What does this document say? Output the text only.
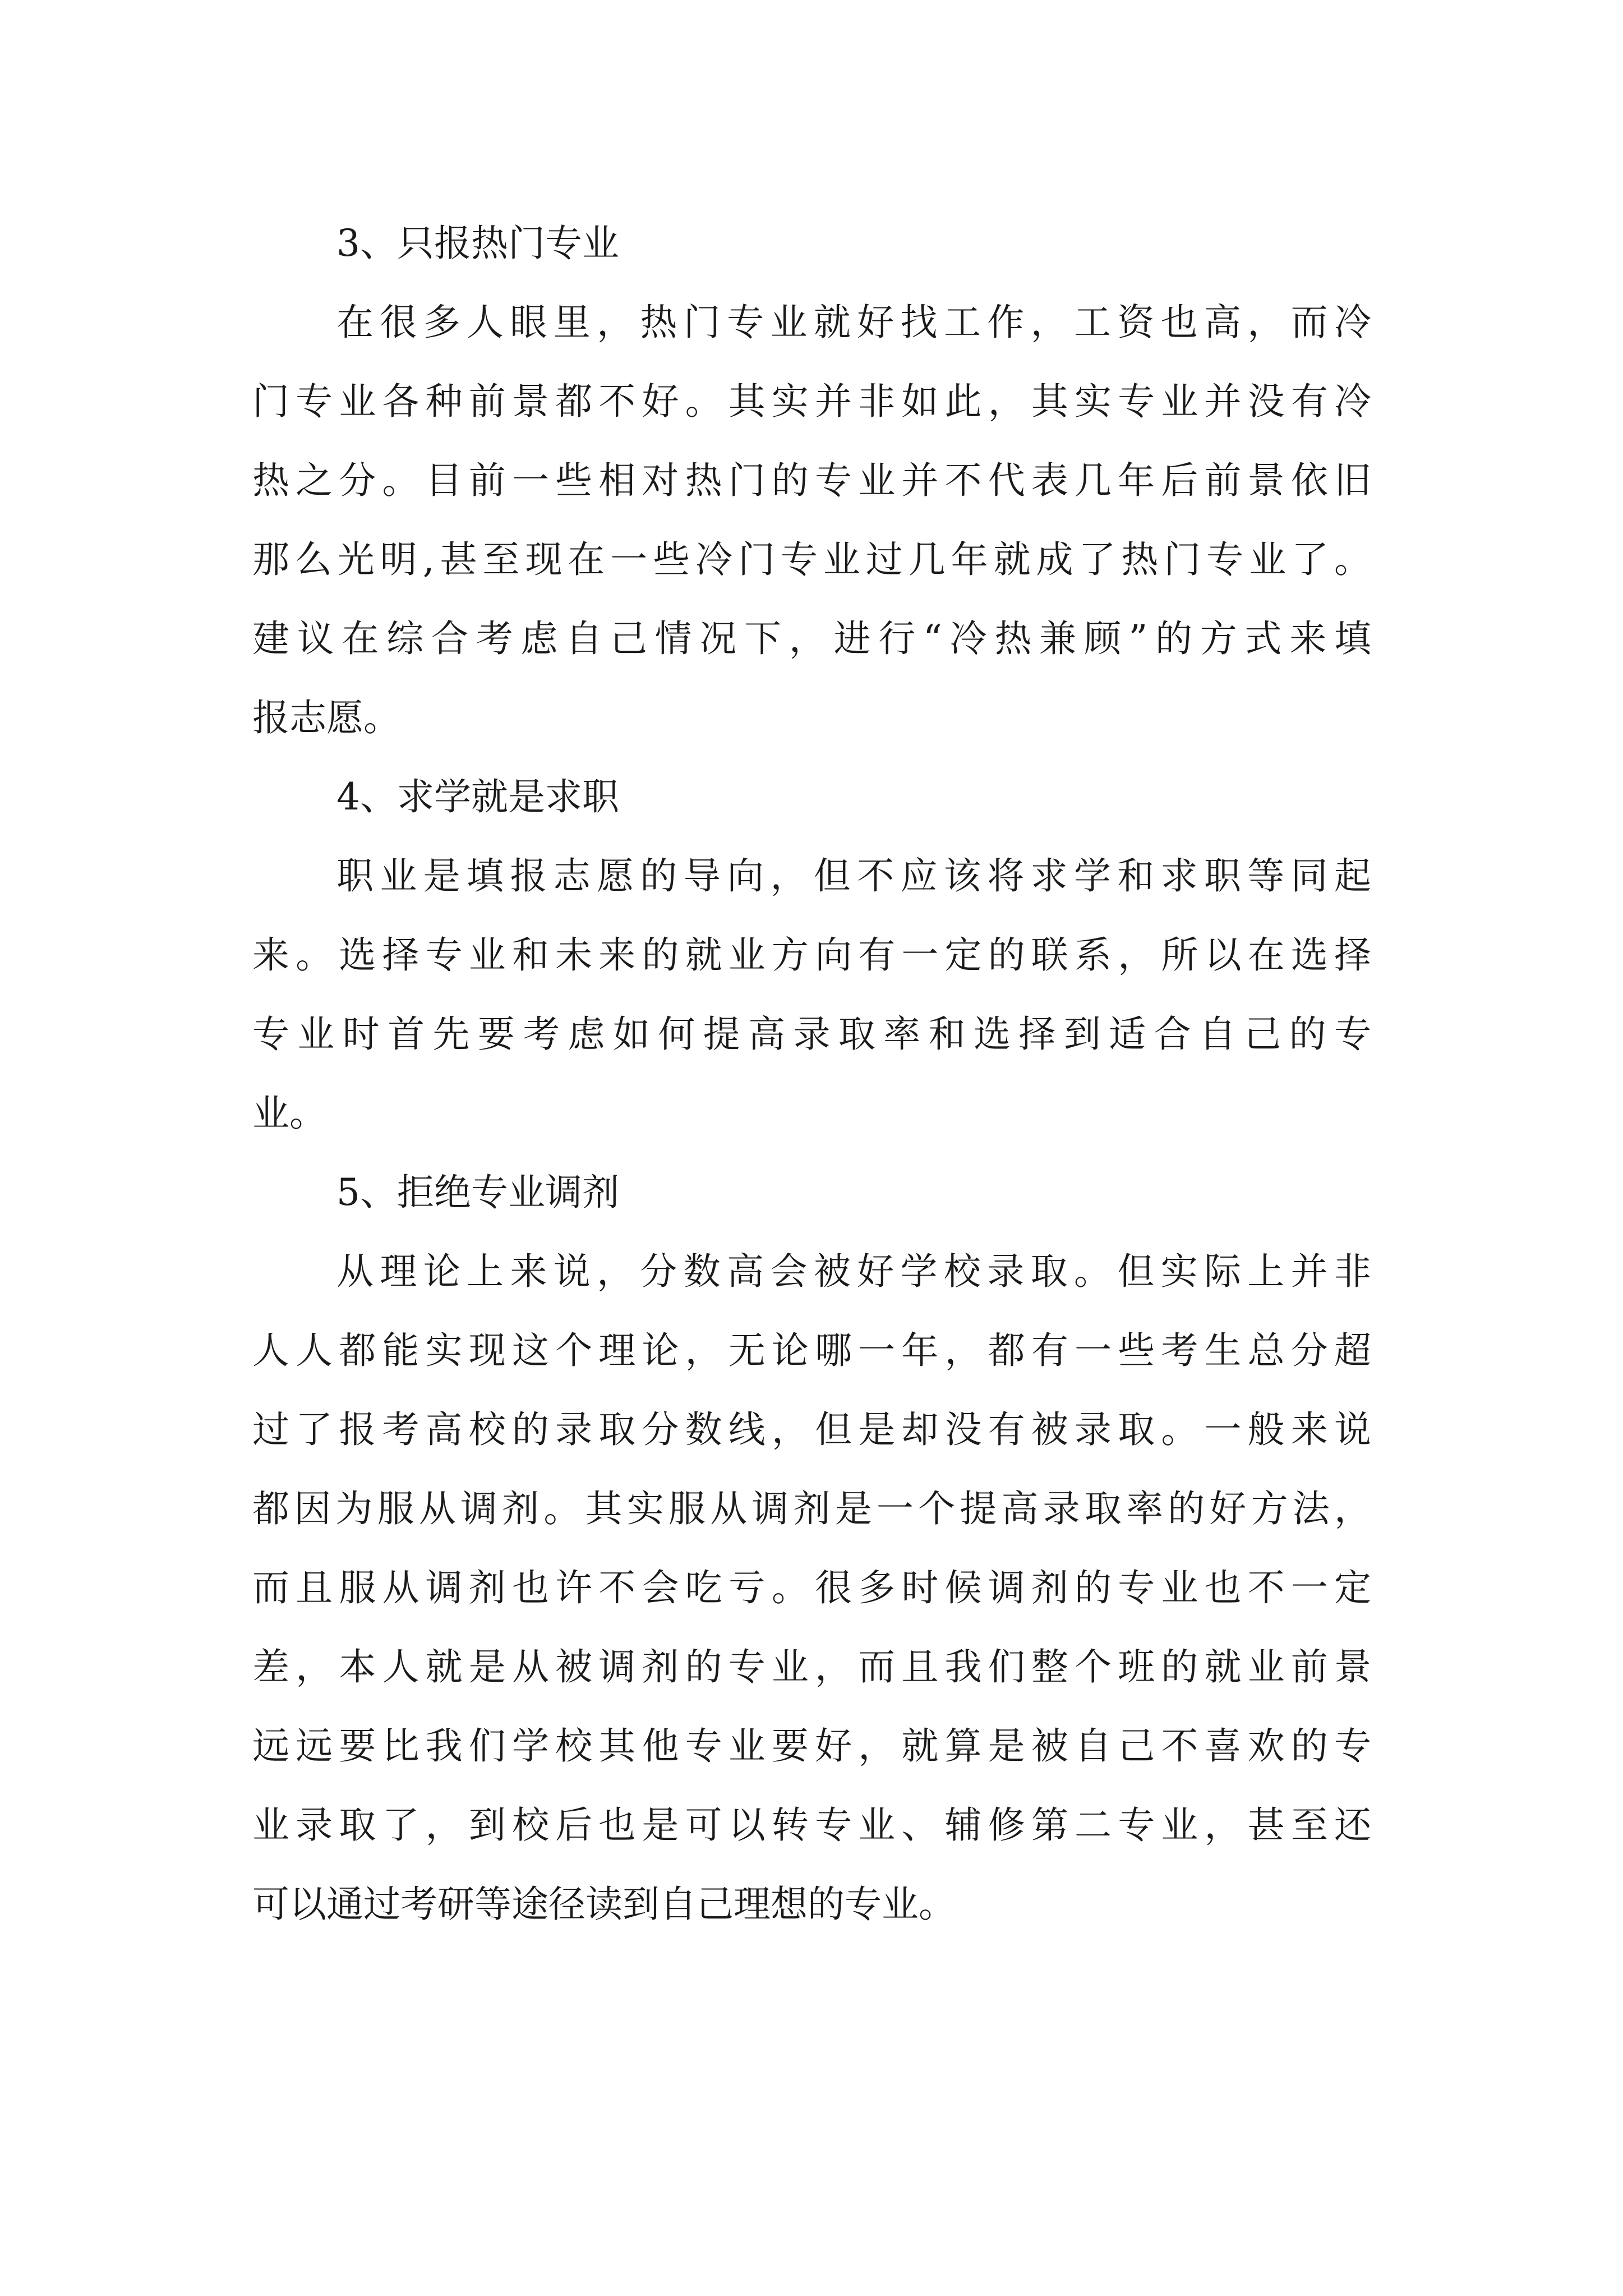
3、只报热门专业
在很多人眼里，热门专业就好找工作，工资也高，而冷
门专业各种前景都不好。其实并非如此，其实专业并没有冷
热之分。目前一些相对热门的专业并不代表几年后前景依旧
那么光明,甚至现在一些冷门专业过几年就成了热门专业了。
建议在综合考虑自己情况下，进行“冷热兼顾”的方式来填
报志愿。
4、求学就是求职
职业是填报志愿的导向，但不应该将求学和求职等同起
来。选择专业和未来的就业方向有一定的联系，所以在选择
专业时首先要考虑如何提高录取率和选择到适合自己的专
业。
5、拒绝专业调剂
从理论上来说，分数高会被好学校录取。但实际上并非
人人都能实现这个理论，无论哪一年，都有一些考生总分超
过了报考高校的录取分数线，但是却没有被录取。一般来说
都因为服从调剂。其实服从调剂是一个提高录取率的好方法，
而且服从调剂也许不会吃亏。很多时候调剂的专业也不一定
差，本人就是从被调剂的专业，而且我们整个班的就业前景
远远要比我们学校其他专业要好，就算是被自己不喜欢的专
业录取了，到校后也是可以转专业、辅修第二专业，甚至还
可以通过考研等途径读到自己理想的专业。
